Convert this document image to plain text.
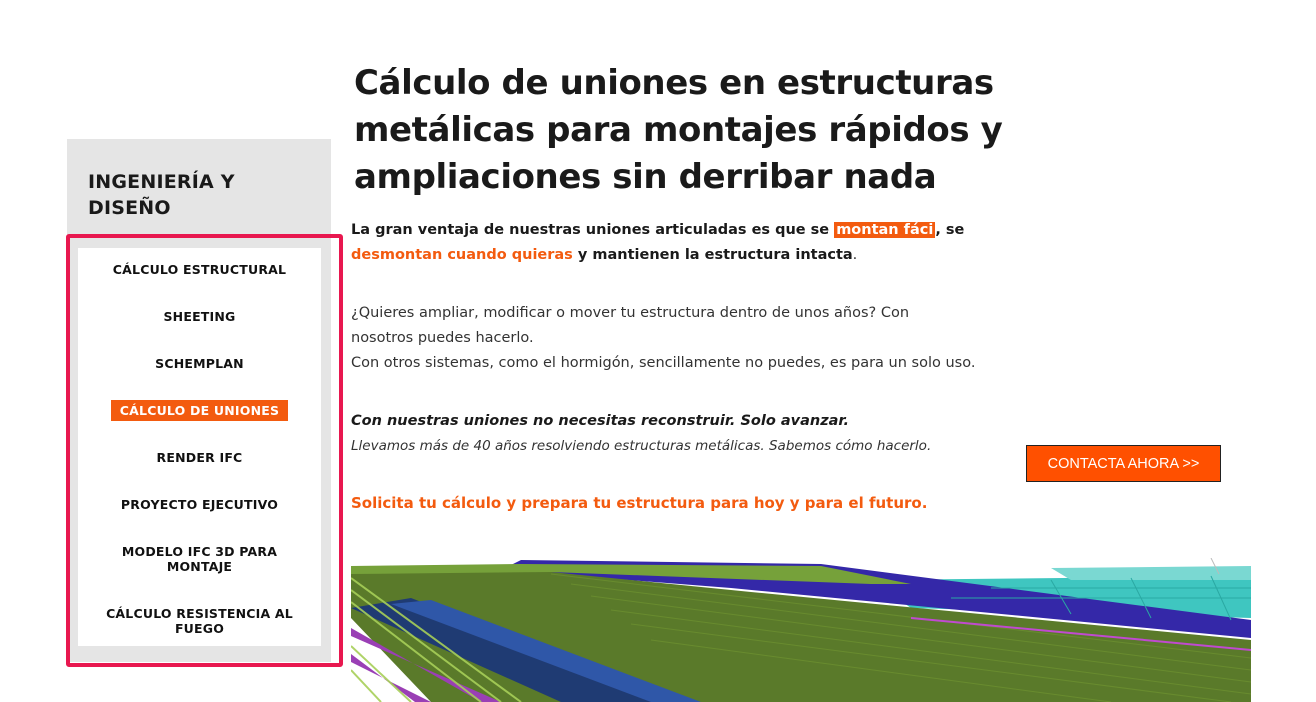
INGENIERÍA Y DISEÑO
CÁLCULO ESTRUCTURAL
SHEETING
SCHEMPLAN
CÁLCULO DE UNIONES
RENDER IFC
PROYECTO EJECUTIVO
MODELO IFC 3D PARA MONTAJE
CÁLCULO RESISTENCIA AL FUEGO
Cálculo de uniones en estructuras metálicas para montajes rápidos y ampliaciones sin derribar nada
La gran ventaja de nuestras uniones articuladas es que se montan fáci , se desmontan cuando quieras y mantienen la estructura intacta.
¿Quieres ampliar, modificar o mover tu estructura dentro de unos años? Con nosotros puedes hacerlo.
Con otros sistemas, como el hormigón, sencillamente no puedes, es para un solo uso.
Con nuestras uniones no necesitas reconstruir. Solo avanzar.
Llevamos más de 40 años resolviendo estructuras metálicas. Sabemos cómo hacerlo.
Solicita tu cálculo y prepara tu estructura para hoy y para el futuro.
CONTACTA AHORA >>
